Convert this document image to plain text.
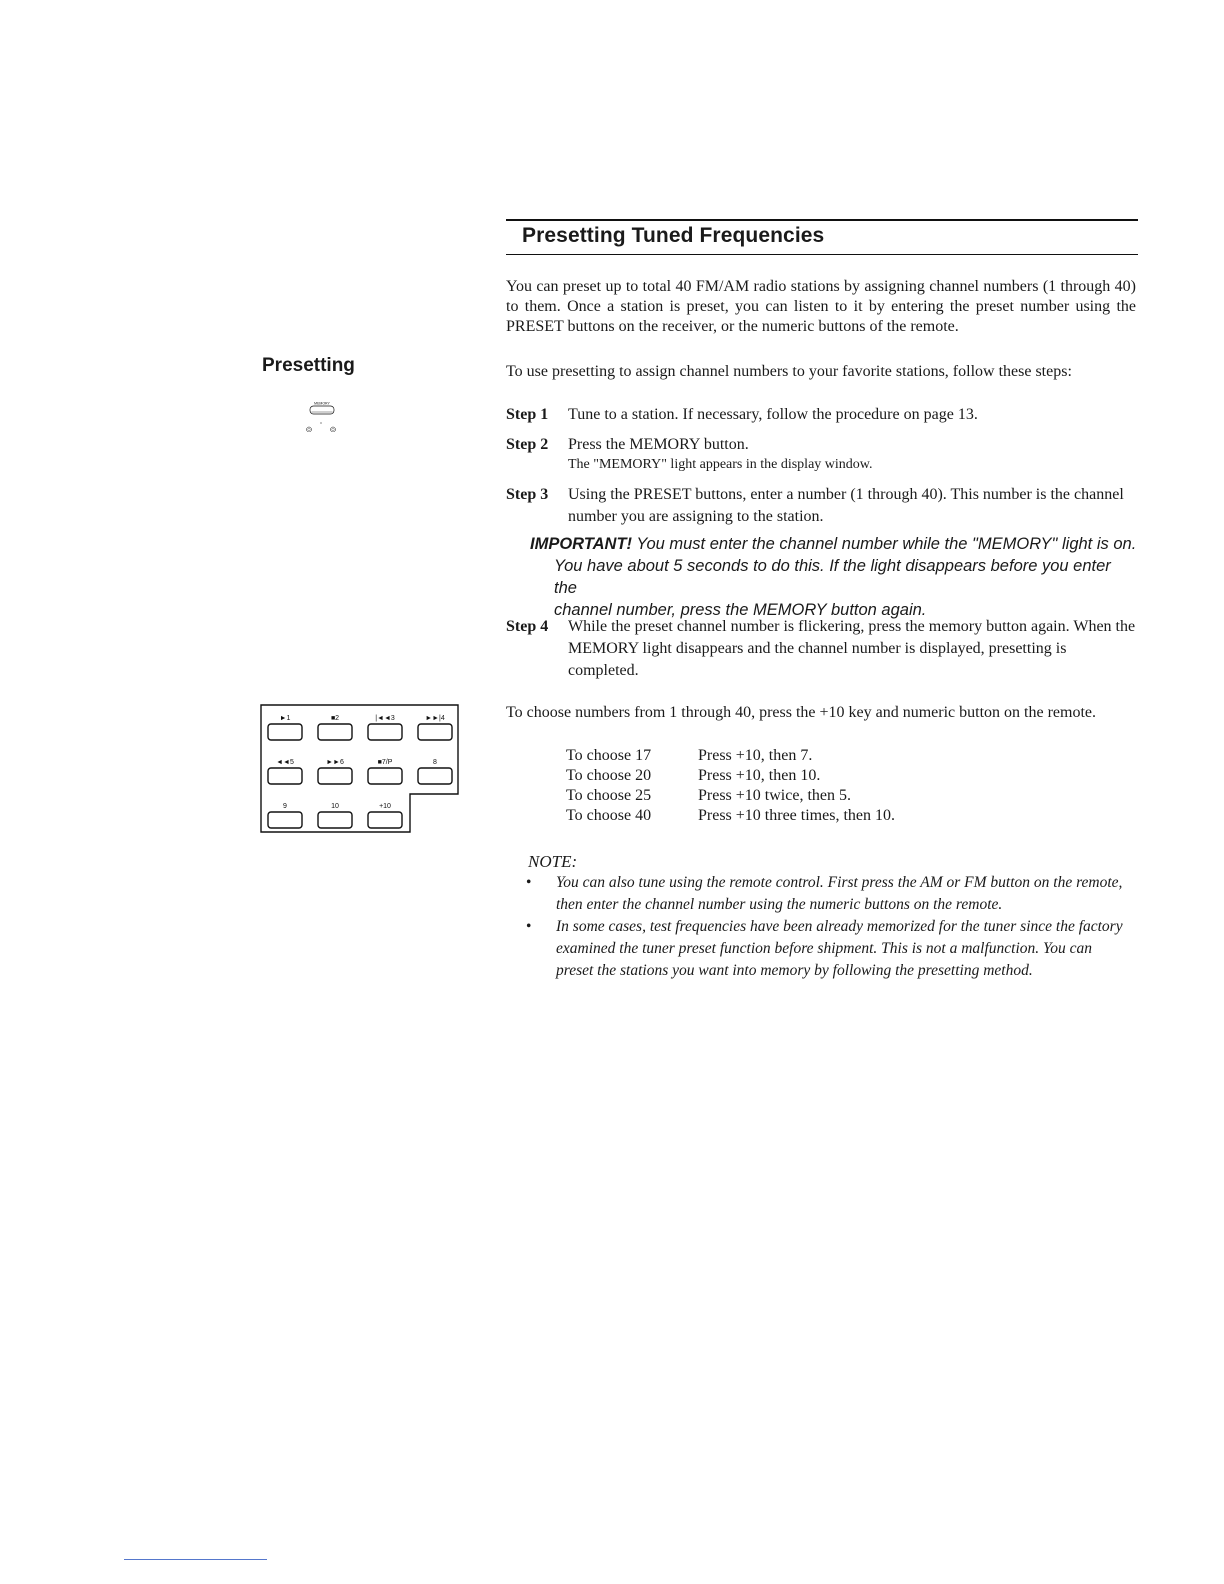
Presetting Tuned Frequencies
Presetting
MEMORY
You can preset up to total 40 FM/AM radio stations by assigning channel numbers (1 through 40) to them. Once a station is preset, you can listen to it by entering the preset number using the PRESET buttons on the receiver, or the numeric buttons of the remote.
To use presetting to assign channel numbers to your favorite stations, follow these steps:
Step 1 Tune to a station. If necessary, follow the procedure on page 13.
Step 2 Press the MEMORY button.
The "MEMORY" light appears in the display window.
Step 3 Using the PRESET buttons, enter a number (1 through 40). This number is the channel number you are assigning to the station.
IMPORTANT! You must enter the channel number while the "MEMORY" light is on.
You have about 5 seconds to do this. If the light disappears before you enter the
channel number, press the MEMORY button again.
Step 4 While the preset channel number is flickering, press the memory button again. When the MEMORY light disappears and the channel number is displayed, presetting is completed.
►1	■2	|◄◄3	►►|4
◄◄5	►►6	■7/P	8
9	10	+10
To choose numbers from 1 through 40, press the +10 key and numeric button on the remote.
To choose 17	Press +10, then 7.
To choose 20	Press +10, then 10.
To choose 25	Press +10 twice, then 5.
To choose 40	Press +10 three times, then 10.
NOTE:
• You can also tune using the remote control. First press the AM or FM button on the remote, then enter the channel number using the numeric buttons on the remote.
• In some cases, test frequencies have been already memorized for the tuner since the factory examined the tuner preset function before shipment. This is not a malfunction. You can preset the stations you want into memory by following the presetting method.
